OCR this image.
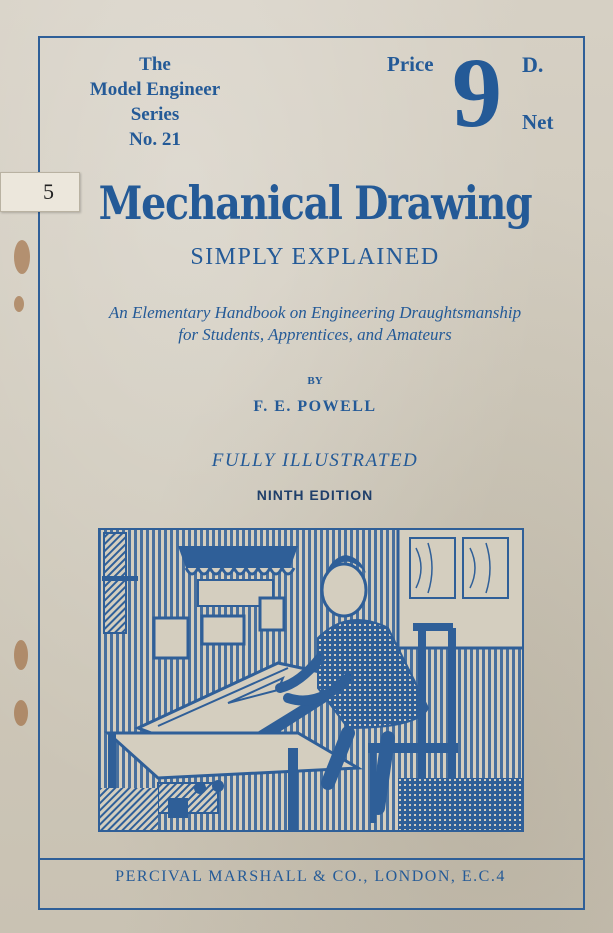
The
Model Engineer
Series
No. 21
Price 9 D.
Net
5 Mechanical Drawing
SIMPLY EXPLAINED
An Elementary Handbook on Engineering Draughtsmanship
for Students, Apprentices, and Amateurs
BY
F. E. POWELL
FULLY ILLUSTRATED
NINTH EDITION
PERCIVAL MARSHALL & CO., LONDON, E.C.4
